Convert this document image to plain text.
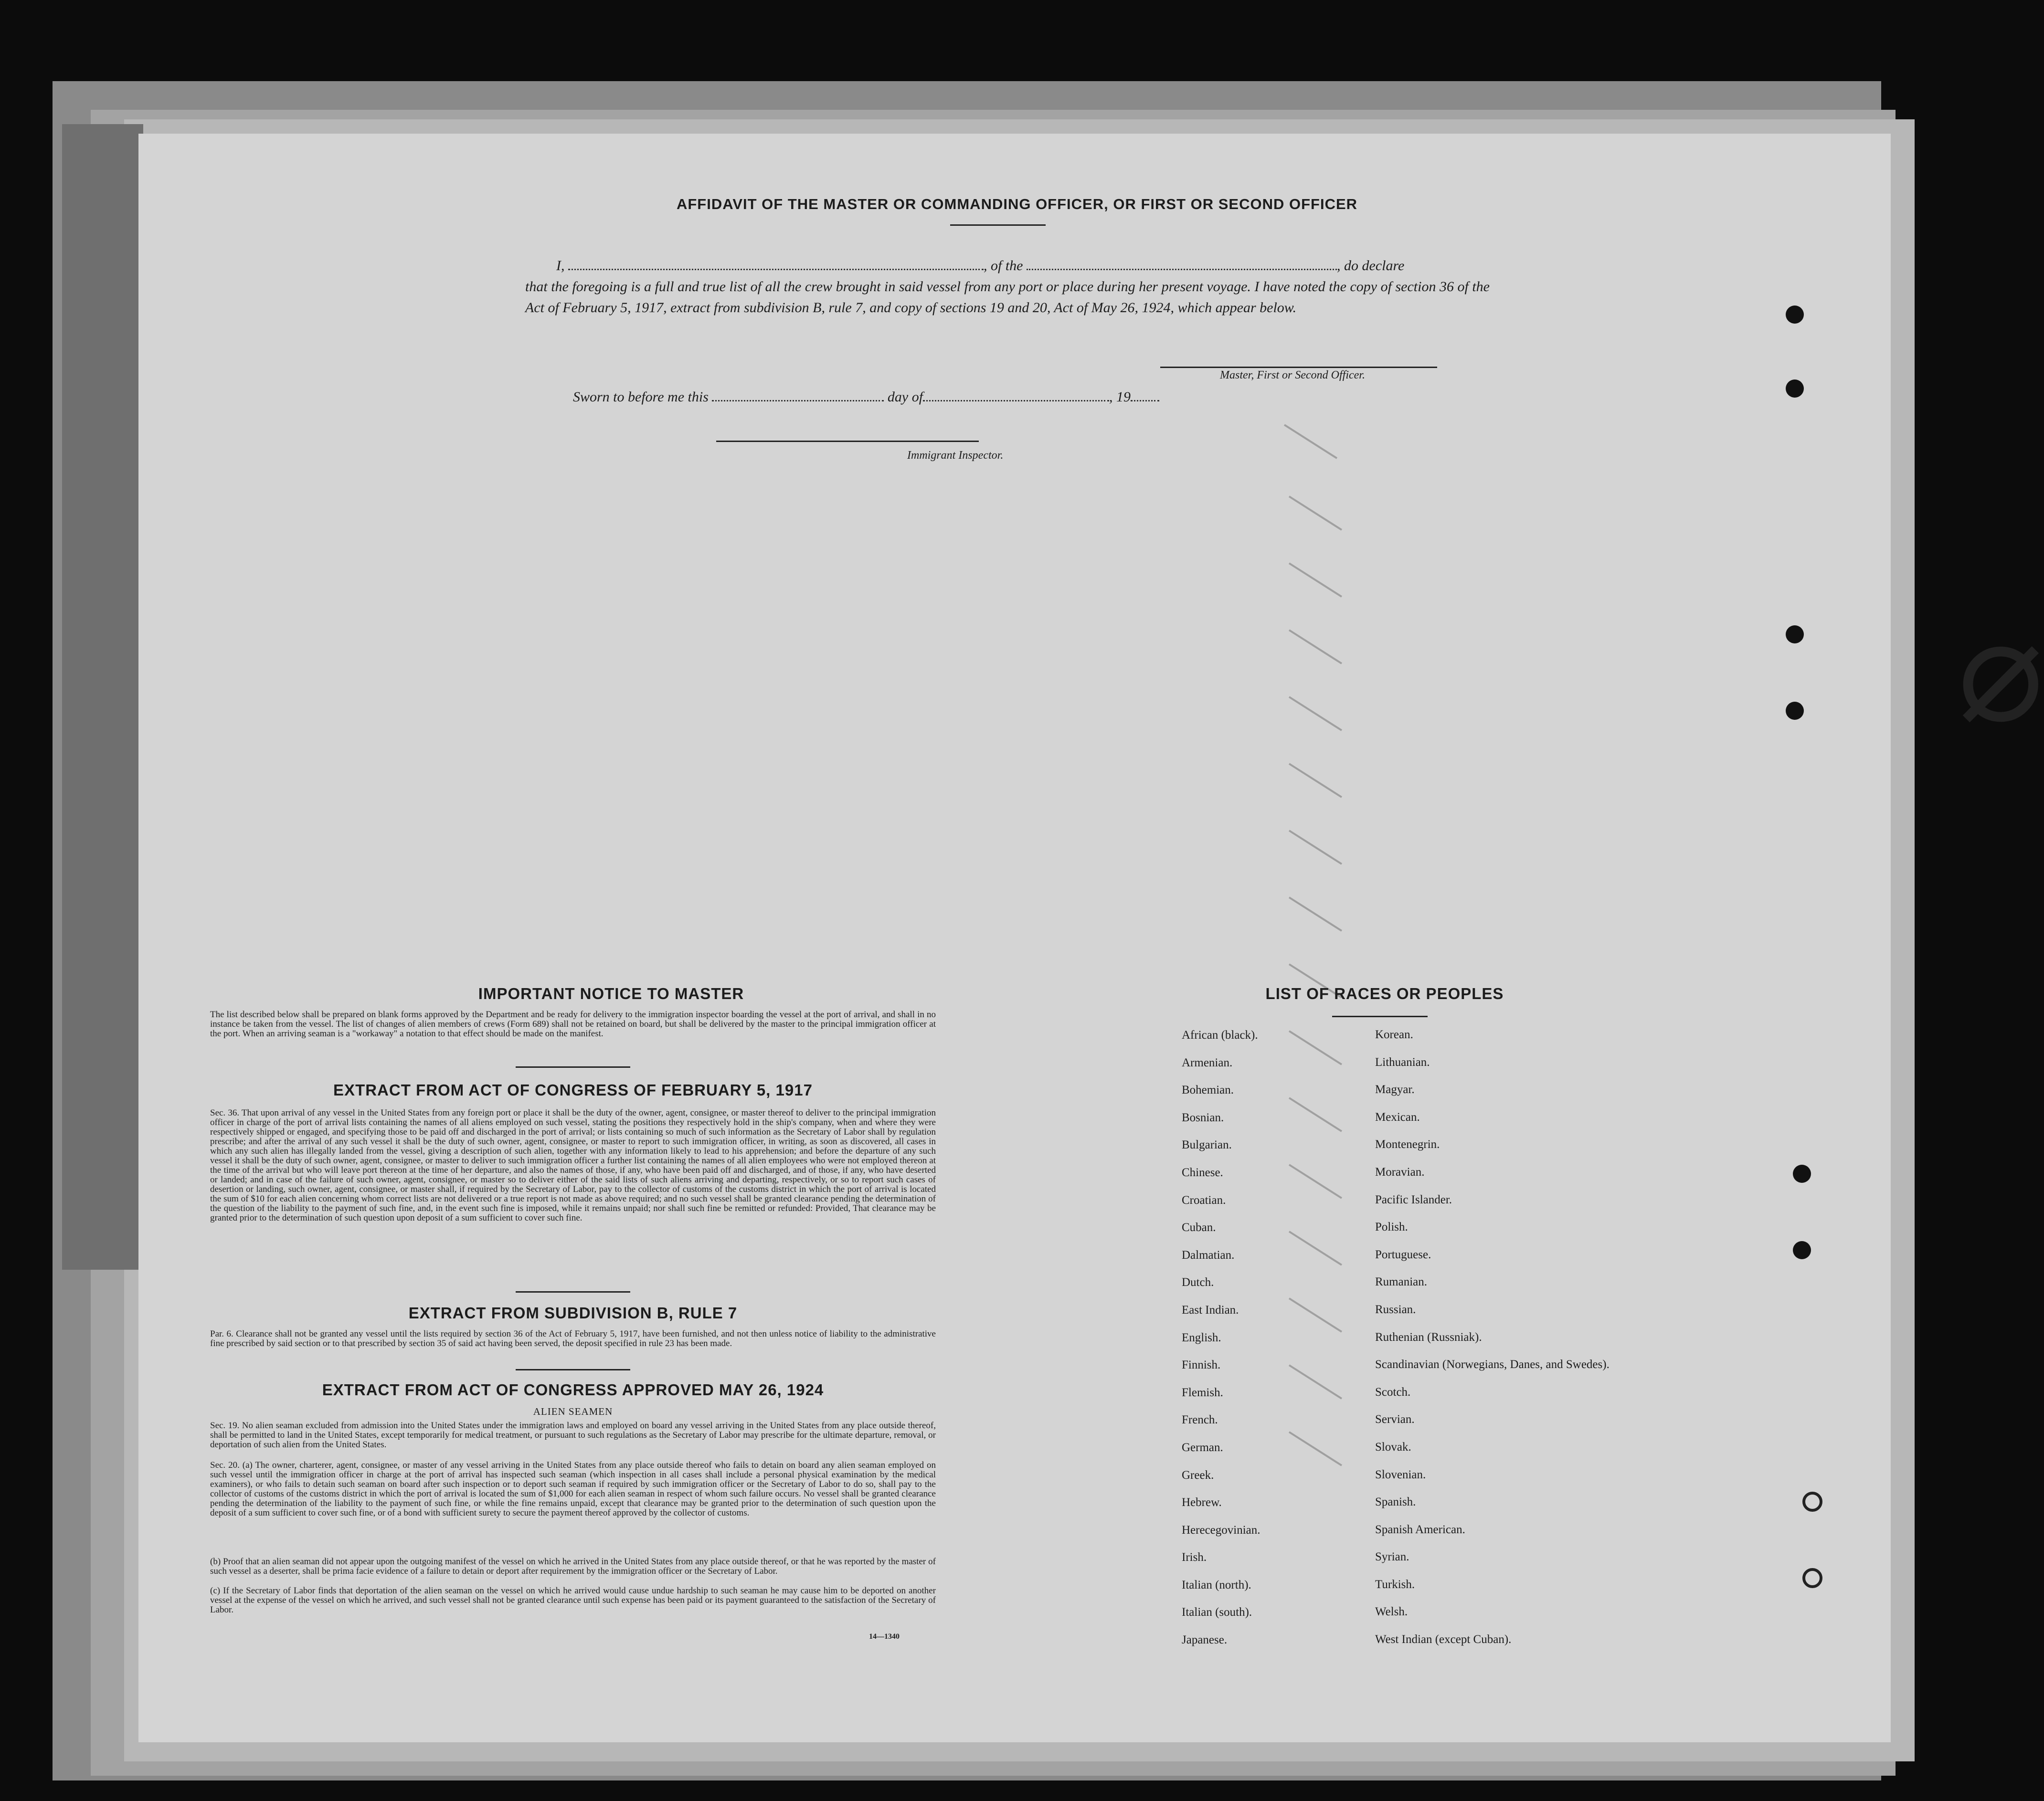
AFFIDAVIT OF THE MASTER OR COMMANDING OFFICER, OR FIRST OR SECOND OFFICER
I,	, of the	, do declare
that the foregoing is a full and true list of all the crew brought in said vessel from any port or place during her present voyage. I have noted the copy of section 36 of the Act of February 5, 1917, extract from subdivision B, rule 7, and copy of sections 19 and 20, Act of May 26, 1924, which appear below.
Master, First or Second Officer.
Sworn to before me this	day of	, 19
Immigrant Inspector.
IMPORTANT NOTICE TO MASTER
The list described below shall be prepared on blank forms approved by the Department and be ready for delivery to the immigration inspector boarding the vessel at the port of arrival, and shall in no instance be taken from the vessel. The list of changes of alien members of crews (Form 689) shall not be retained on board, but shall be delivered by the master to the principal immigration officer at the port. When an arriving seaman is a "workaway" a notation to that effect should be made on the manifest.
EXTRACT FROM ACT OF CONGRESS OF FEBRUARY 5, 1917
Sec. 36. That upon arrival of any vessel in the United States from any foreign port or place it shall be the duty of the owner, agent, consignee, or master thereof to deliver to the principal immigration officer in charge of the port of arrival lists containing the names of all aliens employed on such vessel, stating the positions they respectively hold in the ship's company, when and where they were respectively shipped or engaged, and specifying those to be paid off and discharged in the port of arrival; or lists containing so much of such information as the Secretary of Labor shall by regulation prescribe; and after the arrival of any such vessel it shall be the duty of such owner, agent, consignee, or master to report to such immigration officer, in writing, as soon as discovered, all cases in which any such alien has illegally landed from the vessel, giving a description of such alien, together with any information likely to lead to his apprehension; and before the departure of any such vessel it shall be the duty of such owner, agent, consignee, or master to deliver to such immigration officer a further list containing the names of all alien employees who were not employed thereon at the time of the arrival but who will leave port thereon at the time of her departure, and also the names of those, if any, who have been paid off and discharged, and of those, if any, who have deserted or landed; and in case of the failure of such owner, agent, consignee, or master so to deliver either of the said lists of such aliens arriving and departing, respectively, or so to report such cases of desertion or landing, such owner, agent, consignee, or master shall, if required by the Secretary of Labor, pay to the collector of customs of the customs district in which the port of arrival is located the sum of $10 for each alien concerning whom correct lists are not delivered or a true report is not made as above required; and no such vessel shall be granted clearance pending the determination of the question of the liability to the payment of such fine, and, in the event such fine is imposed, while it remains unpaid; nor shall such fine be remitted or refunded: Provided, That clearance may be granted prior to the determination of such question upon deposit of a sum sufficient to cover such fine.
EXTRACT FROM SUBDIVISION B, RULE 7
Par. 6. Clearance shall not be granted any vessel until the lists required by section 36 of the Act of February 5, 1917, have been furnished, and not then unless notice of liability to the administrative fine prescribed by said section or to that prescribed by section 35 of said act having been served, the deposit specified in rule 23 has been made.
EXTRACT FROM ACT OF CONGRESS APPROVED MAY 26, 1924
ALIEN SEAMEN
Sec. 19. No alien seaman excluded from admission into the United States under the immigration laws and employed on board any vessel arriving in the United States from any place outside thereof, shall be permitted to land in the United States, except temporarily for medical treatment, or pursuant to such regulations as the Secretary of Labor may prescribe for the ultimate departure, removal, or deportation of such alien from the United States.
Sec. 20. (a) The owner, charterer, agent, consignee, or master of any vessel arriving in the United States from any place outside thereof who fails to detain on board any alien seaman employed on such vessel until the immigration officer in charge at the port of arrival has inspected such seaman (which inspection in all cases shall include a personal physical examination by the medical examiners), or who fails to detain such seaman on board after such inspection or to deport such seaman if required by such immigration officer or the Secretary of Labor to do so, shall pay to the collector of customs of the customs district in which the port of arrival is located the sum of $1,000 for each alien seaman in respect of whom such failure occurs. No vessel shall be granted clearance pending the determination of the liability to the payment of such fine, or while the fine remains unpaid, except that clearance may be granted prior to the determination of such question upon the deposit of a sum sufficient to cover such fine, or of a bond with sufficient surety to secure the payment thereof approved by the collector of customs.
(b) Proof that an alien seaman did not appear upon the outgoing manifest of the vessel on which he arrived in the United States from any place outside thereof, or that he was reported by the master of such vessel as a deserter, shall be prima facie evidence of a failure to detain or deport after requirement by the immigration officer or the Secretary of Labor.
(c) If the Secretary of Labor finds that deportation of the alien seaman on the vessel on which he arrived would cause undue hardship to such seaman he may cause him to be deported on another vessel at the expense of the vessel on which he arrived, and such vessel shall not be granted clearance until such expense has been paid or its payment guaranteed to the satisfaction of the Secretary of Labor.
14—1340
LIST OF RACES OR PEOPLES
African (black).	Korean.
Armenian.	Lithuanian.
Bohemian.	Magyar.
Bosnian.	Mexican.
Bulgarian.	Montenegrin.
Chinese.	Moravian.
Croatian.	Pacific Islander.
Cuban.	Polish.
Dalmatian.	Portuguese.
Dutch.	Rumanian.
East Indian.	Russian.
English.	Ruthenian (Russniak).
Finnish.	Scandinavian (Norwegians, Danes, and Swedes).
Flemish.	Scotch.
French.	Servian.
German.	Slovak.
Greek.	Slovenian.
Hebrew.	Spanish.
Herecegovinian.	Spanish American.
Irish.	Syrian.
Italian (north).	Turkish.
Italian (south).	Welsh.
Japanese.	West Indian (except Cuban).
⌀
